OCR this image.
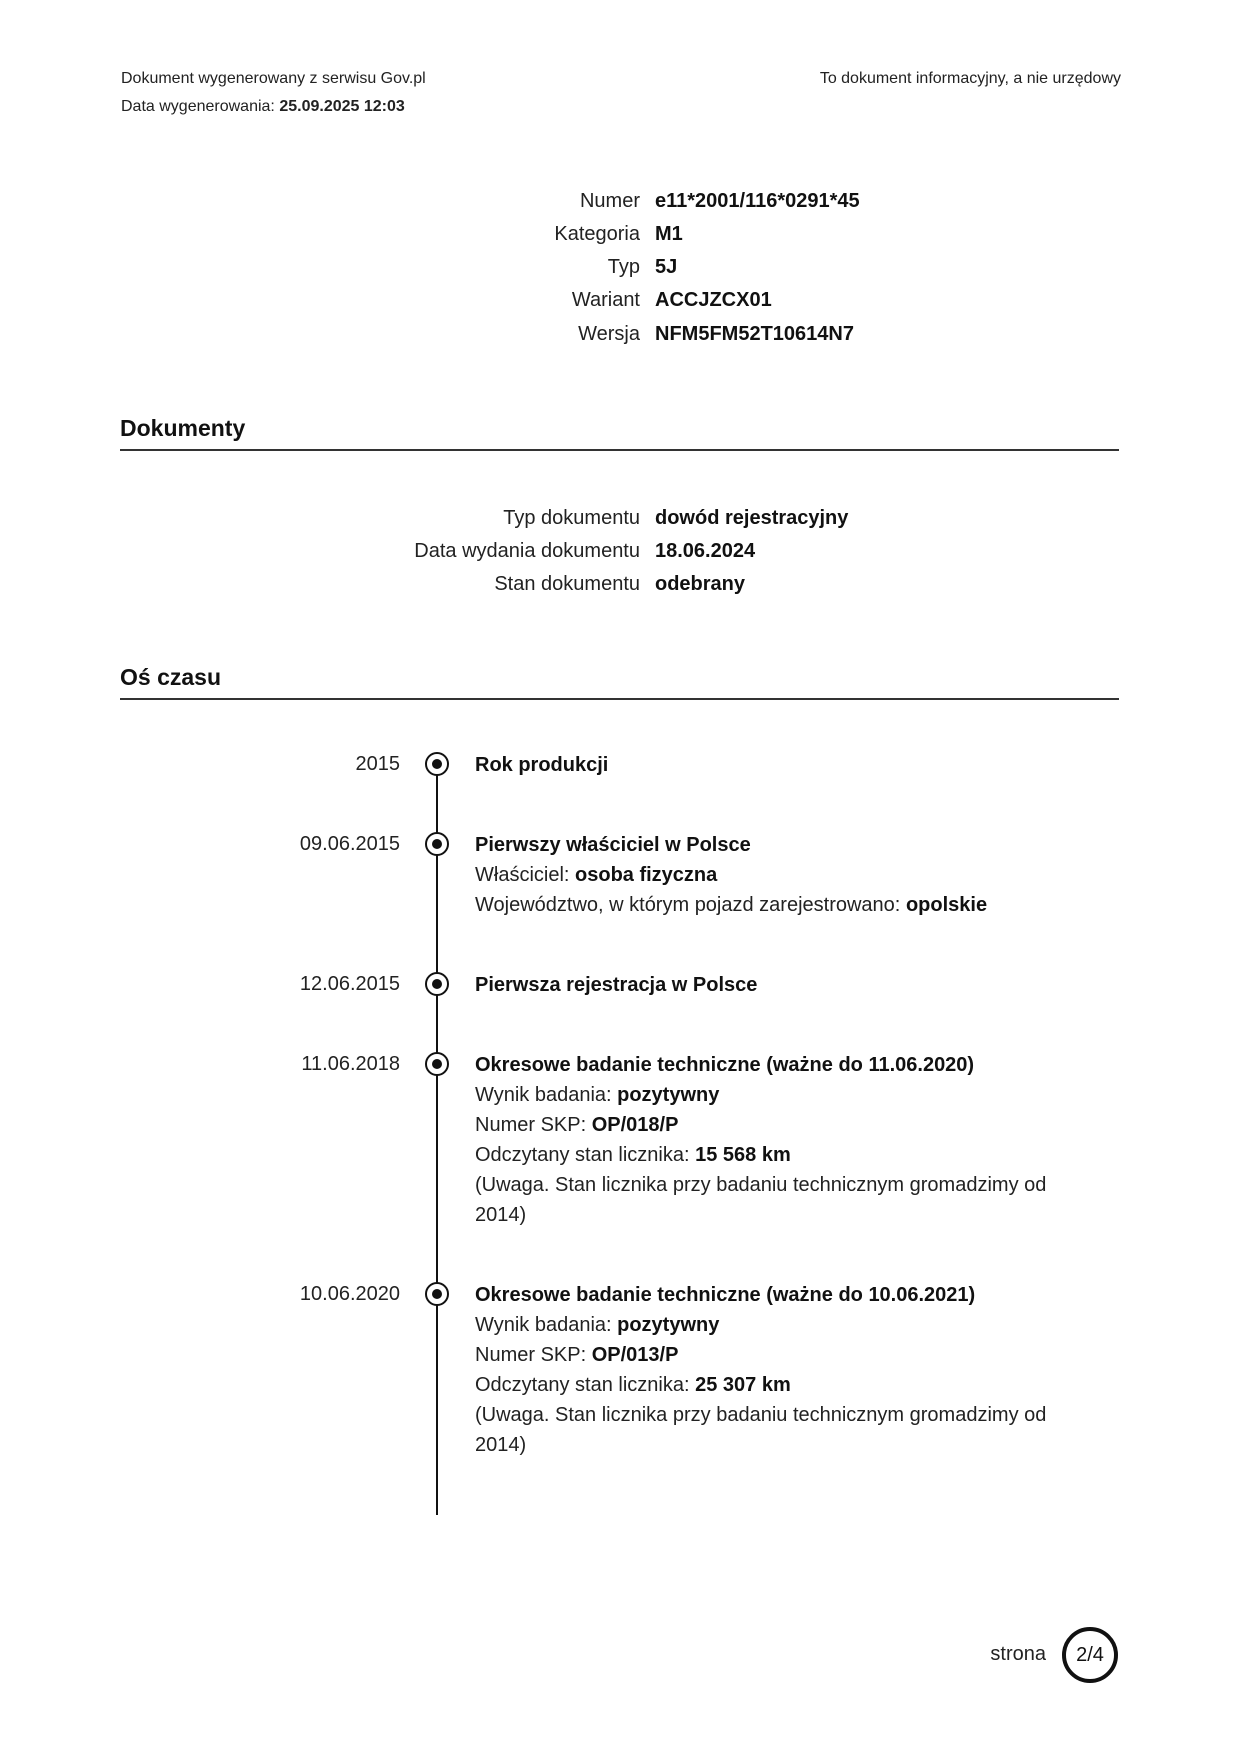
Dokument wygenerowany z serwisu Gov.pl
Data wygenerowania: 25.09.2025 12:03
To dokument informacyjny, a nie urzędowy
Numer e11*2001/116*0291*45
Kategoria M1
Typ 5J
Wariant ACCJZCX01
Wersja NFM5FM52T10614N7
Dokumenty
Typ dokumentu dowód rejestracyjny
Data wydania dokumentu 18.06.2024
Stan dokumentu odebrany
Oś czasu
2015	Rok produkcji
09.06.2015	Pierwszy właściciel w Polsce
Właściciel: osoba fizyczna
Województwo, w którym pojazd zarejestrowano: opolskie
12.06.2015	Pierwsza rejestracja w Polsce
11.06.2018	Okresowe badanie techniczne (ważne do 11.06.2020)
Wynik badania: pozytywny
Numer SKP: OP/018/P
Odczytany stan licznika: 15 568 km
(Uwaga. Stan licznika przy badaniu technicznym gromadzimy od
2014)
10.06.2020	Okresowe badanie techniczne (ważne do 10.06.2021)
Wynik badania: pozytywny
Numer SKP: OP/013/P
Odczytany stan licznika: 25 307 km
(Uwaga. Stan licznika przy badaniu technicznym gromadzimy od
2014)
strona 2/4
